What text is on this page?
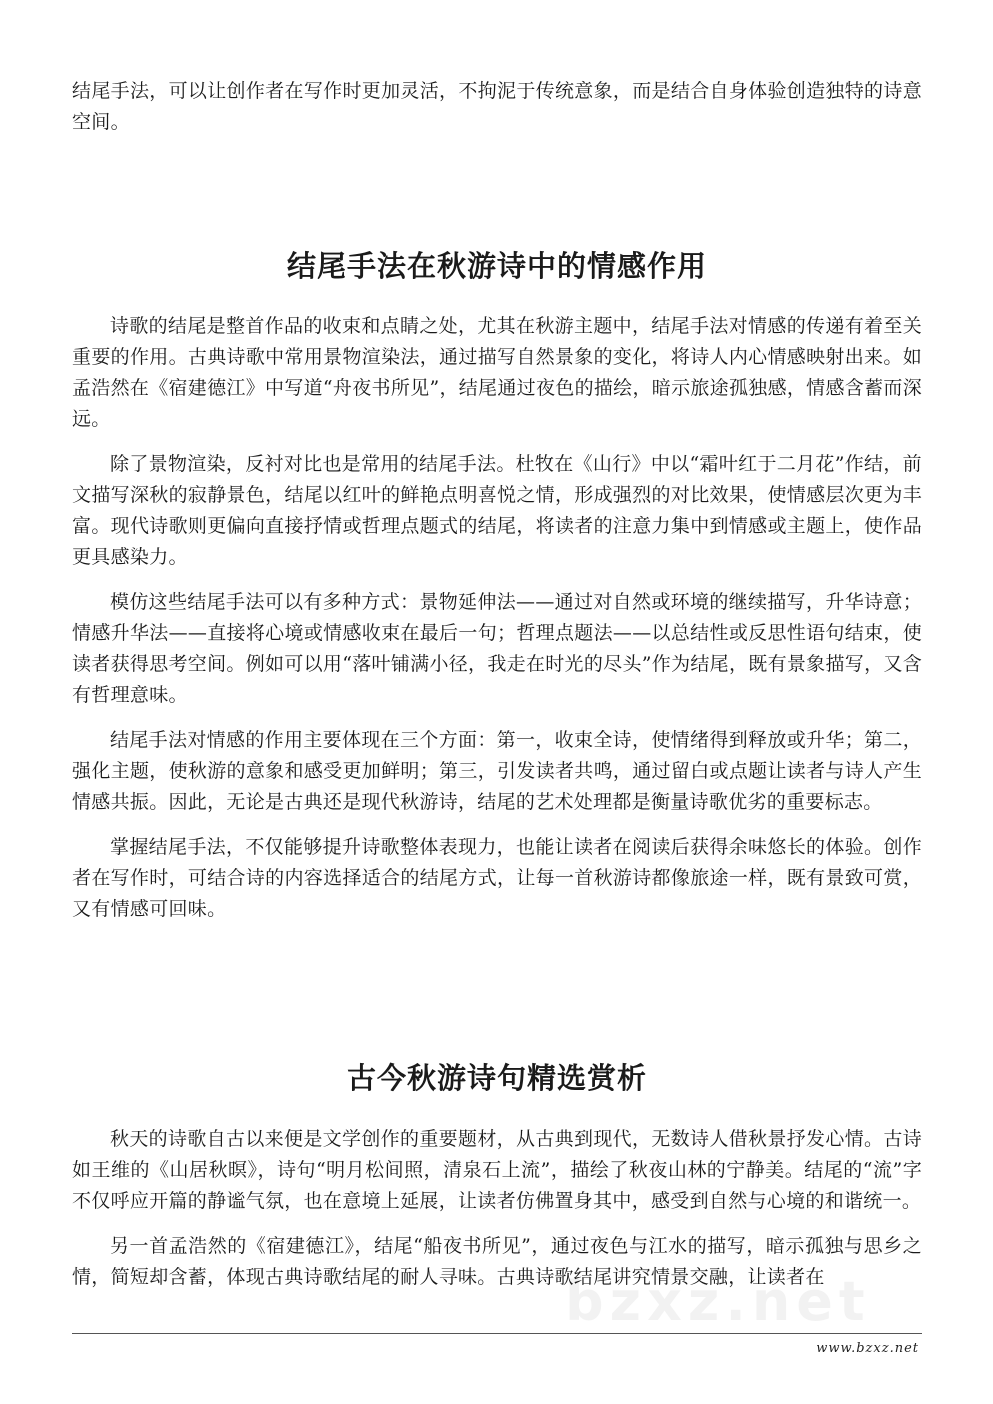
结尾手法，可以让创作者在写作时更加灵活，不拘泥于传统意象，而是结合自身体验创造独特的诗意空间。

结尾手法在秋游诗中的情感作用

诗歌的结尾是整首作品的收束和点睛之处，尤其在秋游主题中，结尾手法对情感的传递有着至关重要的作用。古典诗歌中常用景物渲染法，通过描写自然景象的变化，将诗人内心情感映射出来。如孟浩然在《宿建德江》中写道“舟夜书所见”，结尾通过夜色的描绘，暗示旅途孤独感，情感含蓄而深远。

除了景物渲染，反衬对比也是常用的结尾手法。杜牧在《山行》中以“霜叶红于二月花”作结，前文描写深秋的寂静景色，结尾以红叶的鲜艳点明喜悦之情，形成强烈的对比效果，使情感层次更为丰富。现代诗歌则更偏向直接抒情或哲理点题式的结尾，将读者的注意力集中到情感或主题上，使作品更具感染力。

模仿这些结尾手法可以有多种方式：景物延伸法——通过对自然或环境的继续描写，升华诗意；情感升华法——直接将心境或情感收束在最后一句；哲理点题法——以总结性或反思性语句结束，使读者获得思考空间。例如可以用“落叶铺满小径，我走在时光的尽头”作为结尾，既有景象描写，又含有哲理意味。

结尾手法对情感的作用主要体现在三个方面：第一，收束全诗，使情绪得到释放或升华；第二，强化主题，使秋游的意象和感受更加鲜明；第三，引发读者共鸣，通过留白或点题让读者与诗人产生情感共振。因此，无论是古典还是现代秋游诗，结尾的艺术处理都是衡量诗歌优劣的重要标志。

掌握结尾手法，不仅能够提升诗歌整体表现力，也能让读者在阅读后获得余味悠长的体验。创作者在写作时，可结合诗的内容选择适合的结尾方式，让每一首秋游诗都像旅途一样，既有景致可赏，又有情感可回味。

古今秋游诗句精选赏析

秋天的诗歌自古以来便是文学创作的重要题材，从古典到现代，无数诗人借秋景抒发心情。古诗如王维的《山居秋暝》，诗句“明月松间照，清泉石上流”，描绘了秋夜山林的宁静美。结尾的“流”字不仅呼应开篇的静谧气氛，也在意境上延展，让读者仿佛置身其中，感受到自然与心境的和谐统一。

另一首孟浩然的《宿建德江》，结尾“船夜书所见”，通过夜色与江水的描写，暗示孤独与思乡之情，简短却含蓄，体现古典诗歌结尾的耐人寻味。古典诗歌结尾讲究情景交融，让读者在

bzxz.net
www.bzxz.net
